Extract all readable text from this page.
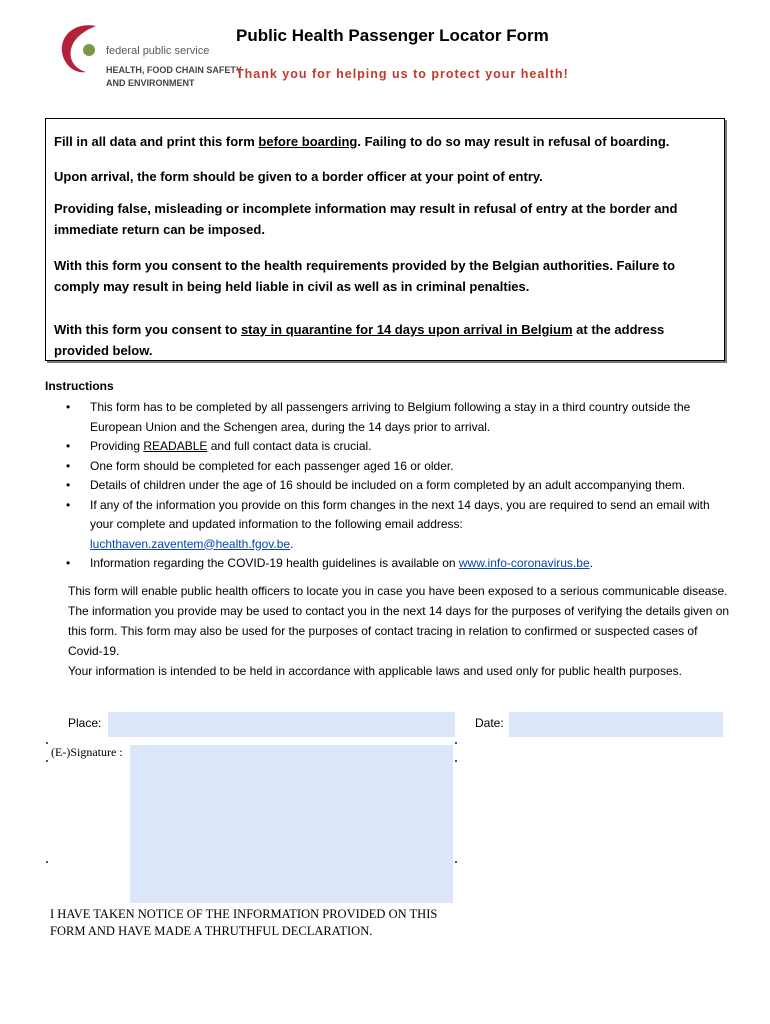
federal public service
HEALTH, FOOD CHAIN SAFETY
AND ENVIRONMENT
Public Health Passenger Locator Form
Thank you for helping us to protect your health!

Fill in all data and print this form before boarding. Failing to do so may result in refusal of boarding.

Upon arrival, the form should be given to a border officer at your point of entry.

Providing false, misleading or incomplete information may result in refusal of entry at the border and immediate return can be imposed.

With this form you consent to the health requirements provided by the Belgian authorities. Failure to comply may result in being held liable in civil as well as in criminal penalties.

With this form you consent to stay in quarantine for 14 days upon arrival in Belgium at the address provided below.

Instructions
• This form has to be completed by all passengers arriving to Belgium following a stay in a third country outside the European Union and the Schengen area, during the 14 days prior to arrival.
• Providing READABLE and full contact data is crucial.
• One form should be completed for each passenger aged 16 or older.
• Details of children under the age of 16 should be included on a form completed by an adult accompanying them.
• If any of the information you provide on this form changes in the next 14 days, you are required to send an email with your complete and updated information to the following email address:
luchthaven.zaventem@health.fgov.be.
• Information regarding the COVID-19 health guidelines is available on www.info-coronavirus.be.

This form will enable public health officers to locate you in case you have been exposed to a serious communicable disease.

The information you provide may be used to contact you in the next 14 days for the purposes of verifying the details given on this form. This form may also be used for the purposes of contact tracing in relation to confirmed or suspected cases of Covid-19.

Your information is intended to be held in accordance with applicable laws and used only for public health purposes.

Place:	Date:
(E-)Signature :
I HAVE TAKEN NOTICE OF THE INFORMATION PROVIDED ON THIS FORM AND HAVE MADE A THRUTHFUL DECLARATION.
